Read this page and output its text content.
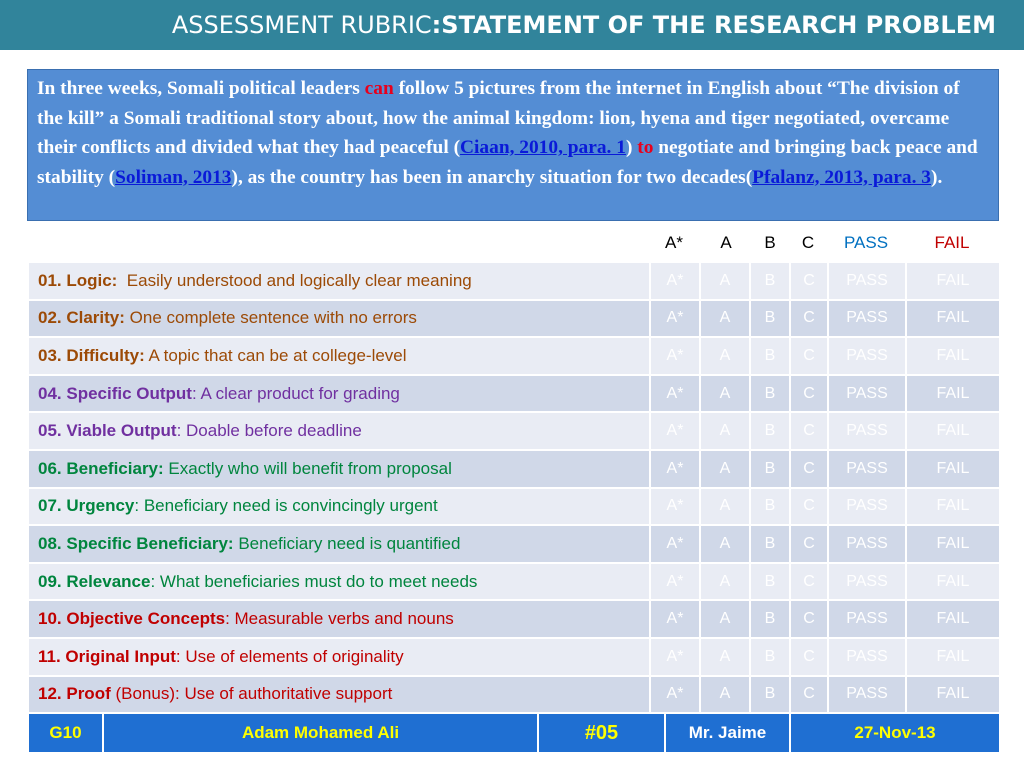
ASSESSMENT RUBRIC : STATEMENT OF THE RESEARCH PROBLEM
In three weeks, Somali political leaders can follow 5 pictures from the internet in English about “The division of the kill” a Somali traditional story about, how the animal kingdom: lion, hyena and tiger negotiated, overcame their conflicts and divided what they had peaceful (Ciaan, 2010, para. 1) to negotiate and bringing back peace and stability (Soliman, 2013), as the country has been in anarchy situation for two decades(Pfalanz, 2013, para. 3).
A* A B C PASS	FAIL
01. Logic:  Easily understood and logically clear meaning	A*	A	B	C	PASS	FAIL
02. Clarity: One complete sentence with no errors	A*	A	B	C	PASS	FAIL
03. Difficulty: A topic that can be at college-level	A*	A	B	C	PASS	FAIL
04. Specific Output: A clear product for grading	A*	A	B	C	PASS	FAIL
05. Viable Output: Doable before deadline	A*	A	B	C	PASS	FAIL
06. Beneficiary: Exactly who will benefit from proposal	A*	A	B	C	PASS	FAIL
07. Urgency: Beneficiary need is convincingly urgent	A*	A	B	C	PASS	FAIL
08. Specific Beneficiary: Beneficiary need is quantified	A*	A	B	C	PASS	FAIL
09. Relevance: What beneficiaries must do to meet needs	A*	A	B	C	PASS	FAIL
10. Objective Concepts: Measurable verbs and nouns	A*	A	B	C	PASS	FAIL
11. Original Input: Use of elements of originality	A*	A	B	C	PASS	FAIL
12. Proof (Bonus): Use of authoritative support	A*	A	B	C	PASS	FAIL
G10	Adam Mohamed Ali	#05	Mr. Jaime	27-Nov-13
